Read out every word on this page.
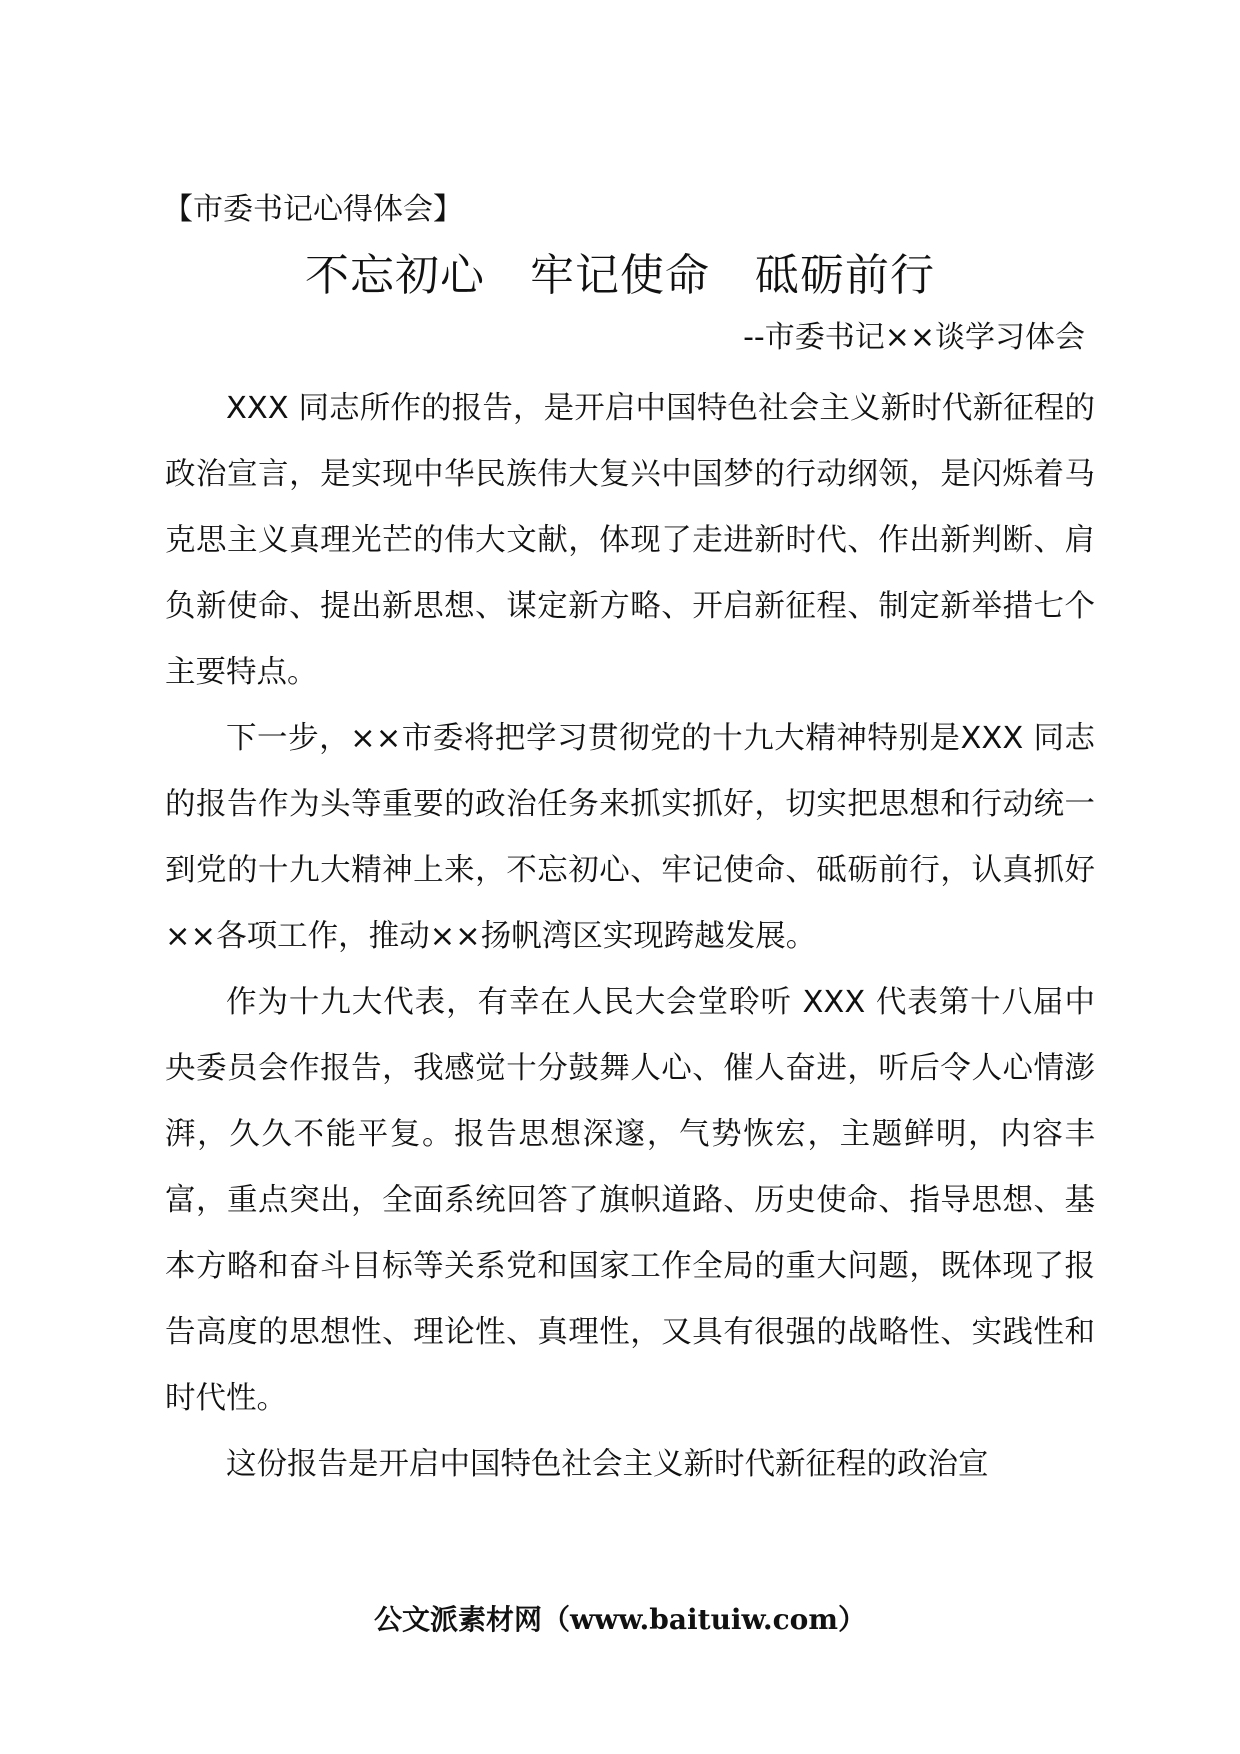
【市委书记心得体会】
不忘初心   牢记使命   砥砺前行
--市委书记××谈学习体会

XXX 同志所作的报告，是开启中国特色社会主义新时代新征程的政治宣言，是实现中华民族伟大复兴中国梦的行动纲领，是闪烁着马克思主义真理光芒的伟大文献，体现了走进新时代、作出新判断、肩负新使命、提出新思想、谋定新方略、开启新征程、制定新举措七个主要特点。

下一步，××市委将把学习贯彻党的十九大精神特别是XXX 同志的报告作为头等重要的政治任务来抓实抓好，切实把思想和行动统一到党的十九大精神上来，不忘初心、牢记使命、砥砺前行，认真抓好××各项工作，推动××扬帆湾区实现跨越发展。

作为十九大代表，有幸在人民大会堂聆听 XXX 代表第十八届中央委员会作报告，我感觉十分鼓舞人心、催人奋进，听后令人心情澎湃，久久不能平复。报告思想深邃，气势恢宏，主题鲜明，内容丰富，重点突出，全面系统回答了旗帜道路、历史使命、指导思想、基本方略和奋斗目标等关系党和国家工作全局的重大问题，既体现了报告高度的思想性、理论性、真理性，又具有很强的战略性、实践性和时代性。

这份报告是开启中国特色社会主义新时代新征程的政治宣

公文派素材网（www.baituiw.com）
